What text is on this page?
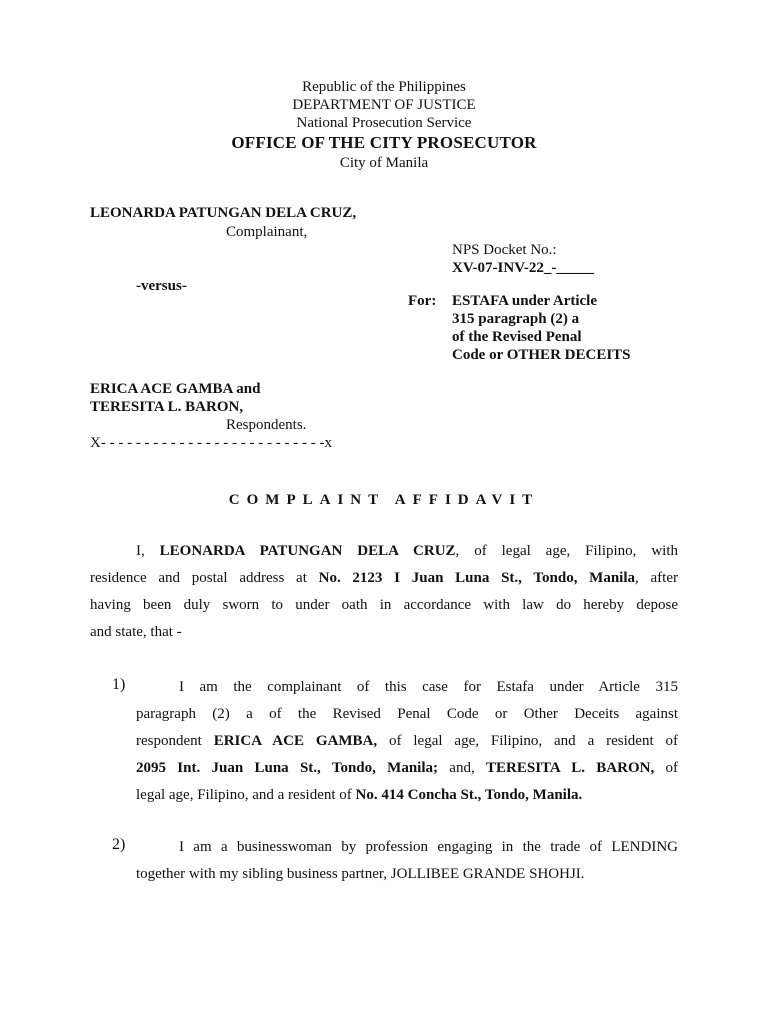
Republic of the Philippines
DEPARTMENT OF JUSTICE
National Prosecution Service
OFFICE OF THE CITY PROSECUTOR
City of Manila
LEONARDA PATUNGAN DELA CRUZ,
Complainant,
NPS Docket No.:
XV-07-INV-22_-_____
-versus-
For: ESTAFA under Article
315 paragraph (2) a
of the Revised Penal
Code or OTHER DECEITS
ERICA ACE GAMBA and
TERESITA L. BARON,
Respondents.
X- - - - - - - - - - - - - - - - - - - - - - - - - -x
COMPLAINT AFFIDAVIT
I, LEONARDA PATUNGAN DELA CRUZ, of legal age, Filipino, with
residence and postal address at No. 2123 I Juan Luna St., Tondo, Manila, after
having been duly sworn to under oath in accordance with law do hereby depose
and state, that -
1)	I am the complainant of this case for Estafa under Article 315
paragraph (2) a of the Revised Penal Code or Other Deceits against
respondent ERICA ACE GAMBA, of legal age, Filipino, and a resident of
2095 Int. Juan Luna St., Tondo, Manila; and, TERESITA L. BARON, of
legal age, Filipino, and a resident of No. 414 Concha St., Tondo, Manila.
2)	I am a businesswoman by profession engaging in the trade of LENDING
together with my sibling business partner, JOLLIBEE GRANDE SHOHJI.
